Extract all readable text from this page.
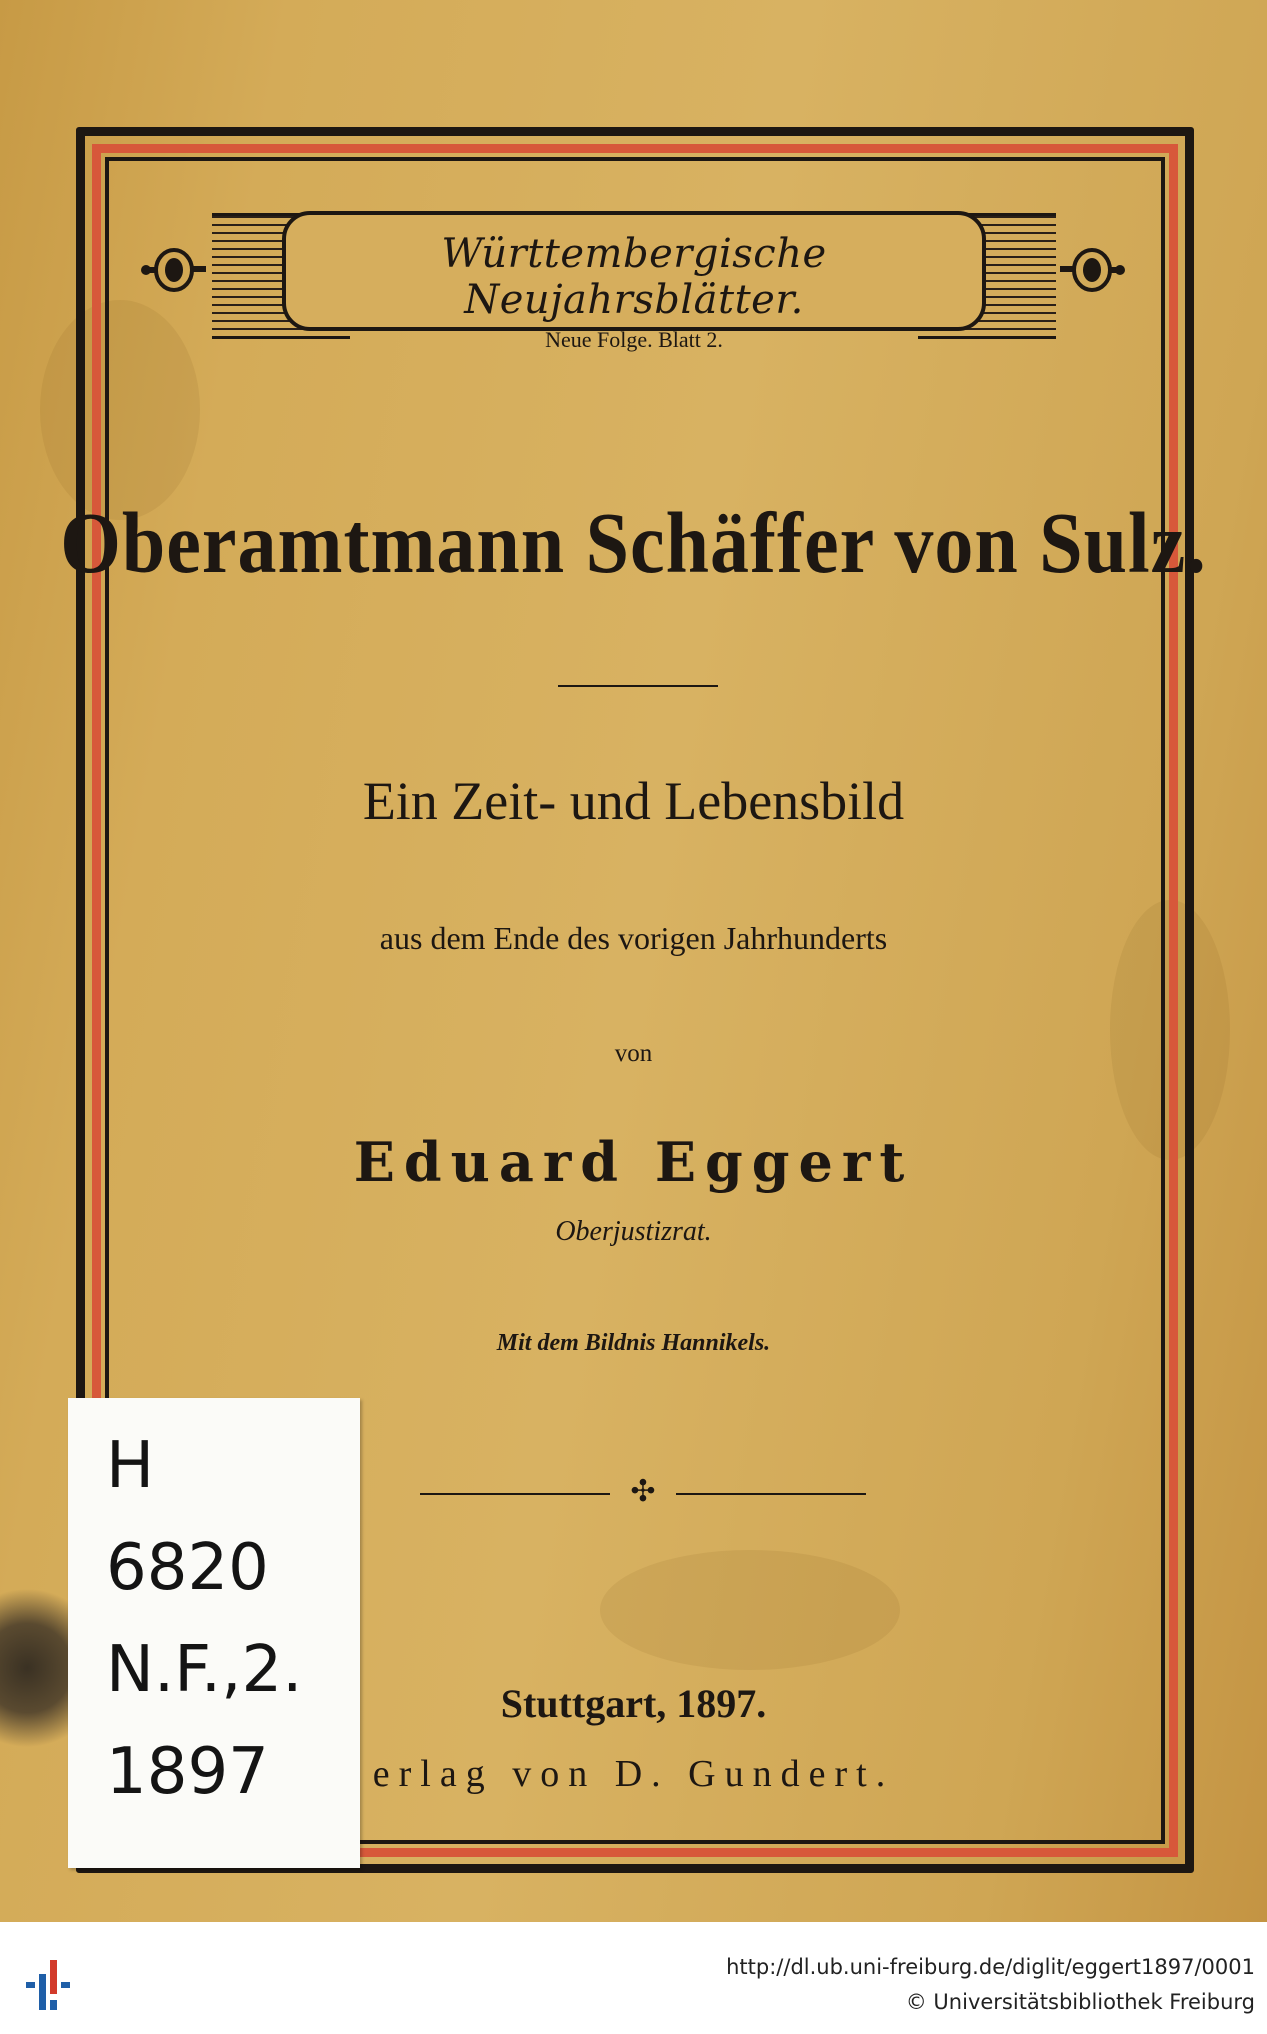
Württembergische Neujahrsblätter.
Neue Folge. Blatt 2.
Oberamtmann Schäffer von Sulz.
Ein Zeit- und Lebensbild
aus dem Ende des vorigen Jahrhunderts
von
Eduard Eggert
Oberjustizrat.
Mit dem Bildnis Hannikels.
✣
Stuttgart, 1897.
erlag von D. Gundert.
H
6820
N.F.,2.
1897
http://dl.ub.uni-freiburg.de/diglit/eggert1897/0001
© Universitätsbibliothek Freiburg
